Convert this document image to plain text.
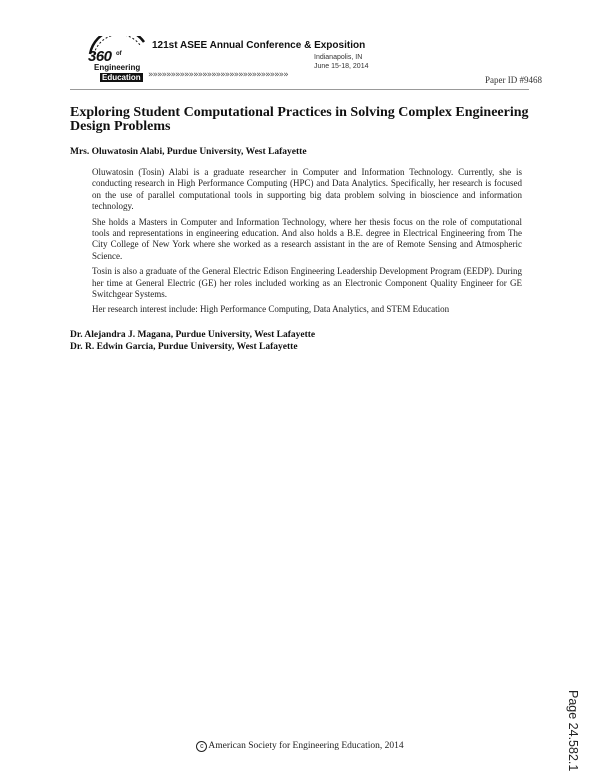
360 of
Engineering
Education
121st ASEE Annual Conference & Exposition
Indianapolis, IN
June 15-18, 2014
»»»»»»»»»»»»»»»»»»»»»»»»»»»»»»»	Paper ID #9468
Exploring Student Computational Practices in Solving Complex Engineering Design Problems
Mrs. Oluwatosin Alabi, Purdue University, West Lafayette

Oluwatosin (Tosin) Alabi is a graduate researcher in Computer and Information Technology. Currently, she is conducting research in High Performance Computing (HPC) and Data Analytics. Specifically, her research is focused on the use of parallel computational tools in supporting big data problem solving in bioscience and information technology.

She holds a Masters in Computer and Information Technology, where her thesis focus on the role of computational tools and representations in engineering education. And also holds a B.E. degree in Electrical Engineering from The City College of New York where she worked as a research assistant in the are of Remote Sensing and Atmospheric Science.

Tosin is also a graduate of the General Electric Edison Engineering Leadership Development Program (EEDP). During her time at General Electric (GE) her roles included working as an Electronic Component Quality Engineer for GE Switchgear Systems.

Her research interest include: High Performance Computing, Data Analytics, and STEM Education

Dr. Alejandra J. Magana, Purdue University, West Lafayette
Dr. R. Edwin Garcia, Purdue University, West Lafayette
Page 24.582.1
c American Society for Engineering Education, 2014
